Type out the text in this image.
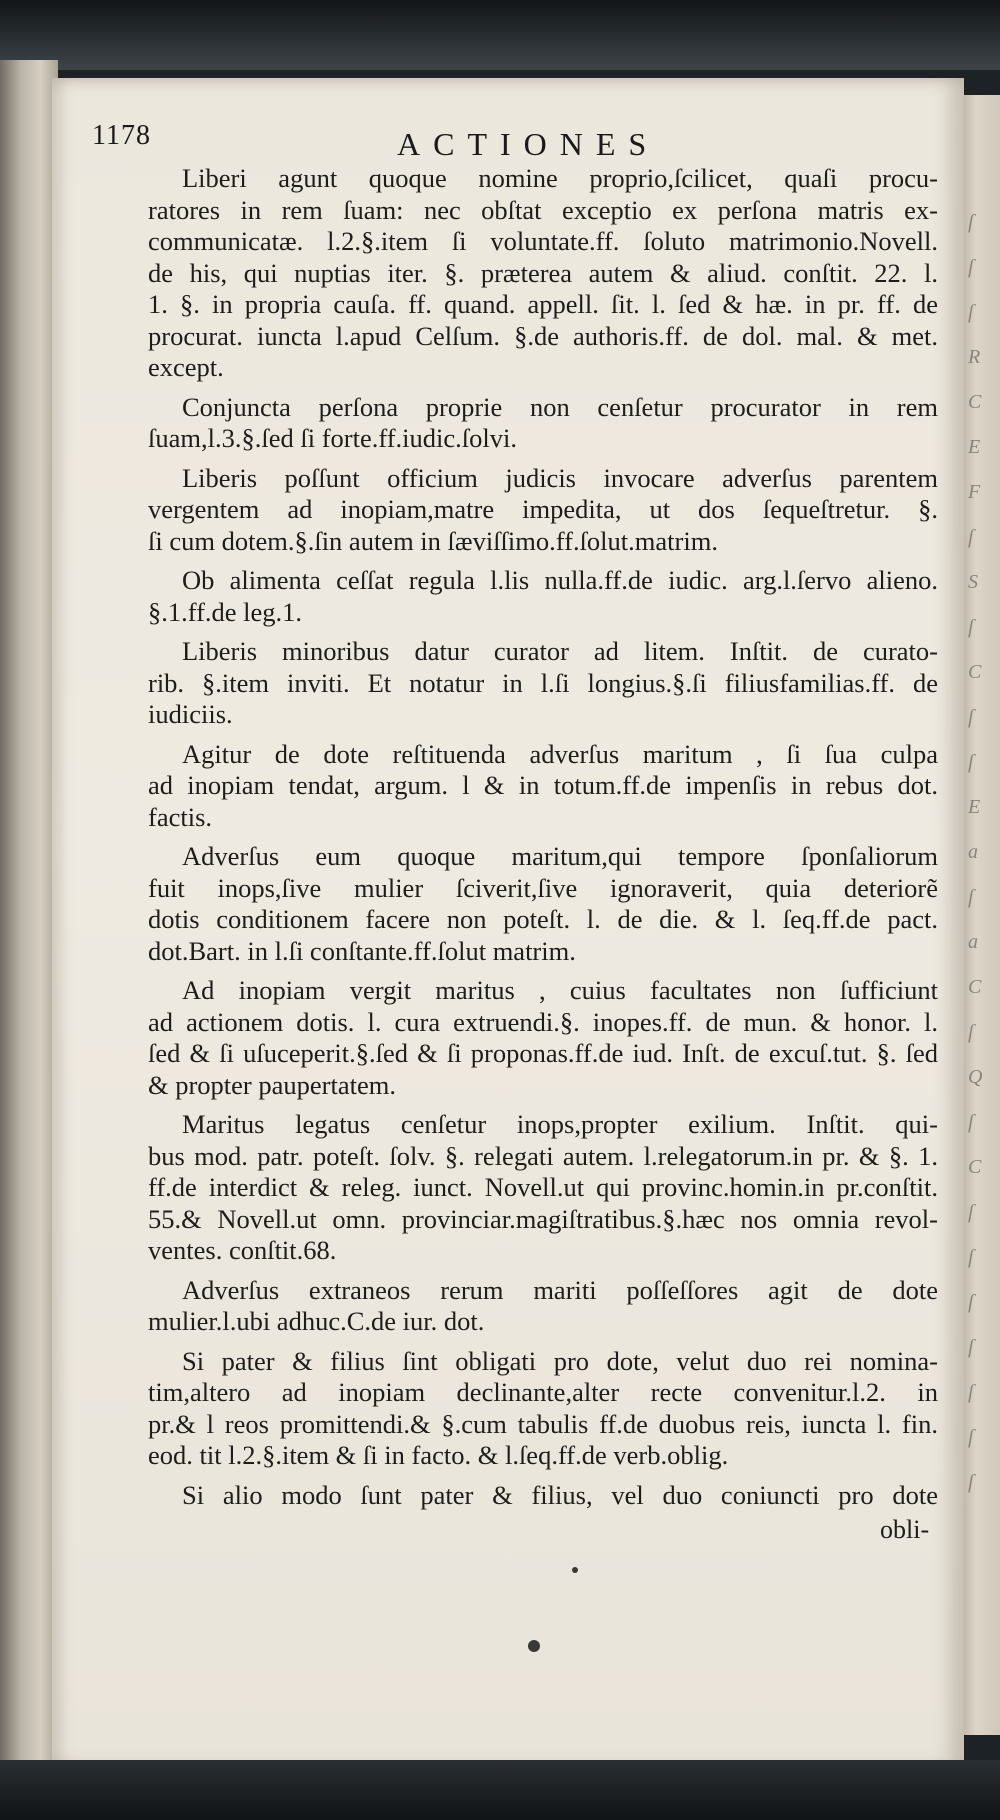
ſ
ſ
ſ
R
C
E
F
ſ
S
ſ
C
ſ
ſ
E
a
ſ
a
C
ſ
Q
ſ
C
ſ
ſ
ſ
ſ
ſ
ſ
ſ
1178	ACTIONES
Liberi agunt quoque nomine proprio,ſcilicet, quaſi procu-
ratores in rem ſuam: nec obſtat exceptio ex perſona matris ex-
communicatæ. l.2.§.item ſi voluntate.ff. ſoluto matrimonio.Novell.
de his, qui nuptias iter. §. præterea autem & aliud. conſtit. 22. l.
1. §. in propria cauſa. ff. quand. appell. ſit. l. ſed & hæ. in pr. ff. de
procurat. iuncta l.apud Celſum. §.de authoris.ff. de dol. mal. & met.
except.
Conjuncta perſona proprie non cenſetur procurator in rem
ſuam,l.3.§.ſed ſi forte.ff.iudic.ſolvi.
Liberis poſſunt officium judicis invocare adverſus parentem
vergentem ad inopiam,matre impedita, ut dos ſequeſtretur. §.
ſi cum dotem.§.ſin autem in ſæviſſimo.ff.ſolut.matrim.
Ob alimenta ceſſat regula l.lis nulla.ff.de iudic. arg.l.ſervo alieno.
§.1.ff.de leg.1.
Liberis minoribus datur curator ad litem. Inſtit. de curato-
rib. §.item inviti. Et notatur in l.ſi longius.§.ſi filiusfamilias.ff. de
iudiciis.
Agitur de dote reſtituenda adverſus maritum , ſi ſua culpa
ad inopiam tendat, argum. l & in totum.ff.de impenſis in rebus dot.
factis.
Adverſus eum quoque maritum,qui tempore ſponſaliorum
fuit inops,ſive mulier ſciverit,ſive ignoraverit, quia deteriorẽ
dotis conditionem facere non poteſt. l. de die. & l. ſeq.ff.de pact.
dot.Bart. in l.ſi conſtante.ff.ſolut matrim.
Ad inopiam vergit maritus , cuius facultates non ſufficiunt
ad actionem dotis. l. cura extruendi.§. inopes.ff. de mun. & honor. l.
ſed & ſi uſuceperit.§.ſed & ſi proponas.ff.de iud. Inſt. de excuſ.tut. §. ſed
& propter paupertatem.
Maritus legatus cenſetur inops,propter exilium. Inſtit. qui-
bus mod. patr. poteſt. ſolv. §. relegati autem. l.relegatorum.in pr. & §. 1.
ff.de interdict & releg. iunct. Novell.ut qui provinc.homin.in pr.conſtit.
55.& Novell.ut omn. provinciar.magiſtratibus.§.hæc nos omnia revol-
ventes. conſtit.68.
Adverſus extraneos rerum mariti poſſeſſores agit de dote
mulier.l.ubi adhuc.C.de iur. dot.
Si pater & filius ſint obligati pro dote, velut duo rei nomina-
tim,altero ad inopiam declinante,alter recte convenitur.l.2. in
pr.& l reos promittendi.& §.cum tabulis ff.de duobus reis, iuncta l. fin.
eod. tit l.2.§.item & ſi in facto. & l.ſeq.ff.de verb.oblig.
Si alio modo ſunt pater & filius, vel duo coniuncti pro dote
obli-
